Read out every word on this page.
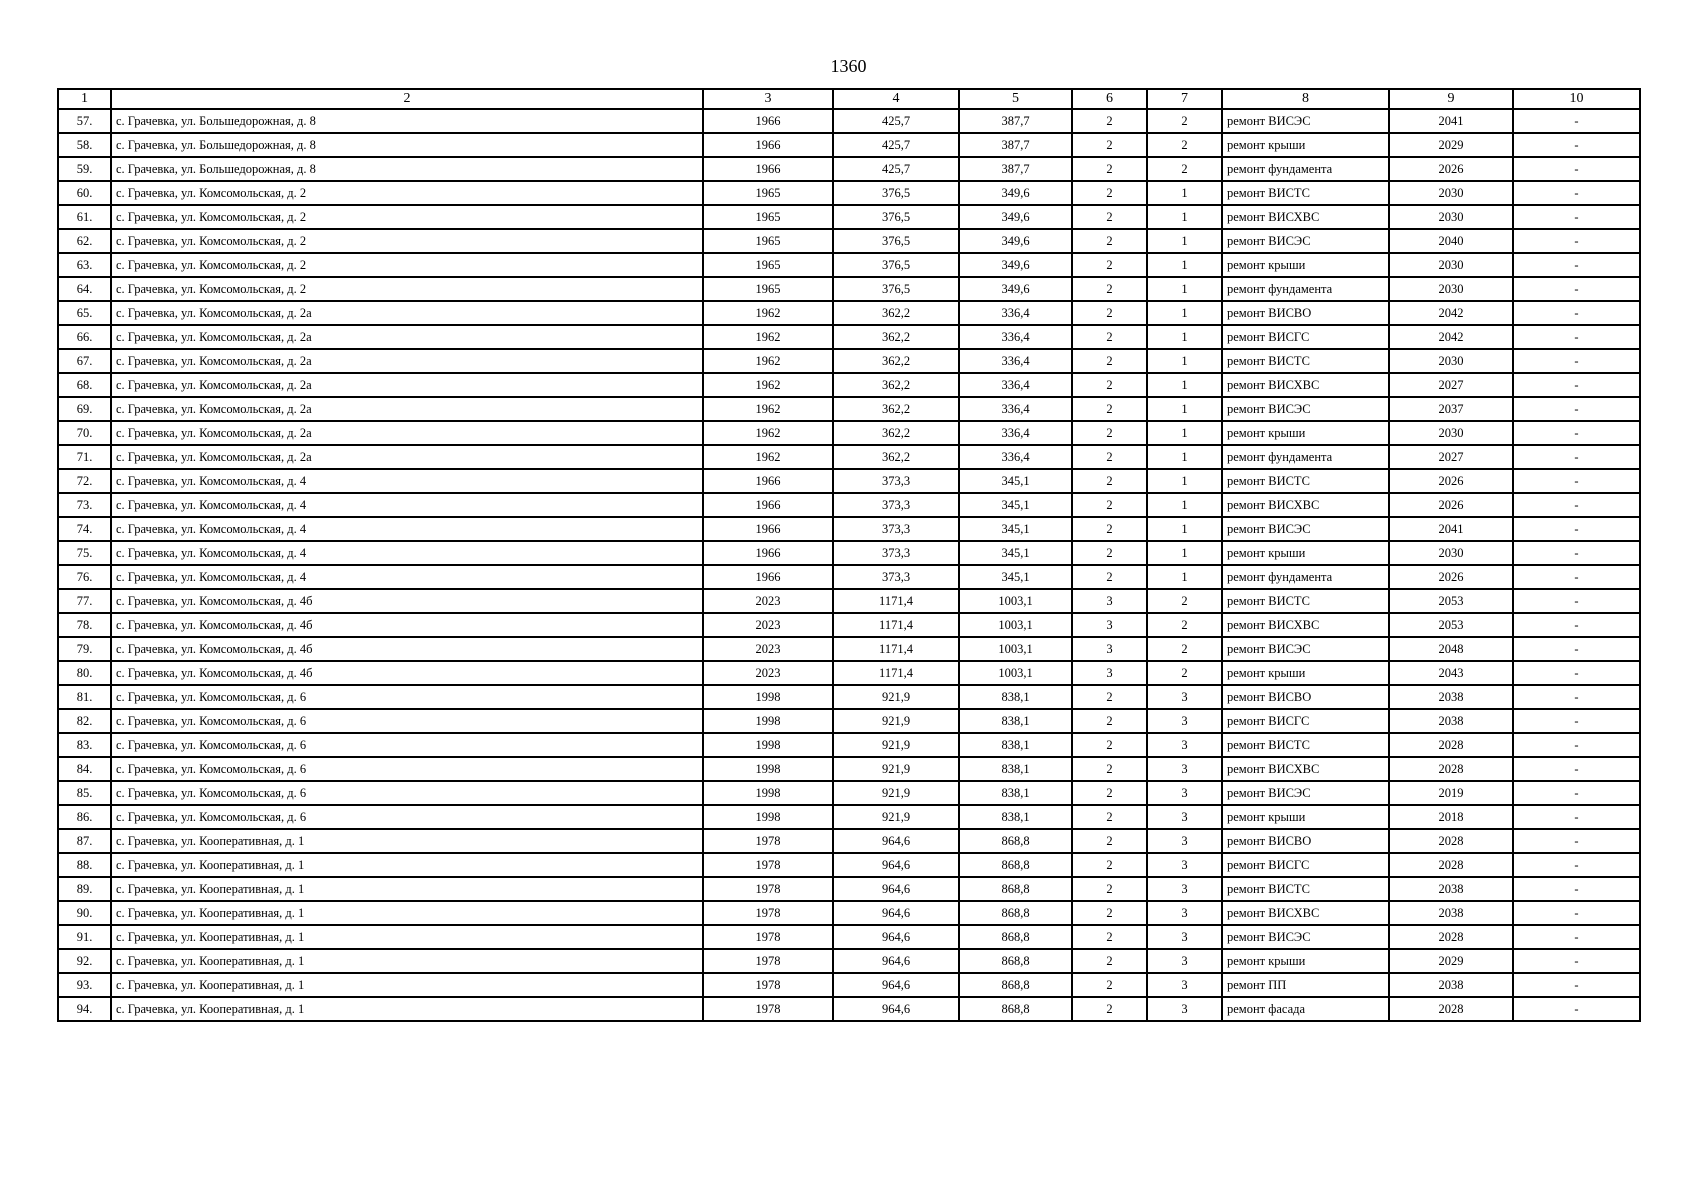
1360
1	2	3	4	5	6	7	8	9	10
57.	с. Грачевка, ул. Большедорожная, д. 8	1966	425,7	387,7	2	2	ремонт ВИСЭС	2041	-
58.	с. Грачевка, ул. Большедорожная, д. 8	1966	425,7	387,7	2	2	ремонт крыши	2029	-
59.	с. Грачевка, ул. Большедорожная, д. 8	1966	425,7	387,7	2	2	ремонт фундамента	2026	-
60.	с. Грачевка, ул. Комсомольская, д. 2	1965	376,5	349,6	2	1	ремонт ВИСТС	2030	-
61.	с. Грачевка, ул. Комсомольская, д. 2	1965	376,5	349,6	2	1	ремонт ВИСХВС	2030	-
62.	с. Грачевка, ул. Комсомольская, д. 2	1965	376,5	349,6	2	1	ремонт ВИСЭС	2040	-
63.	с. Грачевка, ул. Комсомольская, д. 2	1965	376,5	349,6	2	1	ремонт крыши	2030	-
64.	с. Грачевка, ул. Комсомольская, д. 2	1965	376,5	349,6	2	1	ремонт фундамента	2030	-
65.	с. Грачевка, ул. Комсомольская, д. 2а	1962	362,2	336,4	2	1	ремонт ВИСВО	2042	-
66.	с. Грачевка, ул. Комсомольская, д. 2а	1962	362,2	336,4	2	1	ремонт ВИСГС	2042	-
67.	с. Грачевка, ул. Комсомольская, д. 2а	1962	362,2	336,4	2	1	ремонт ВИСТС	2030	-
68.	с. Грачевка, ул. Комсомольская, д. 2а	1962	362,2	336,4	2	1	ремонт ВИСХВС	2027	-
69.	с. Грачевка, ул. Комсомольская, д. 2а	1962	362,2	336,4	2	1	ремонт ВИСЭС	2037	-
70.	с. Грачевка, ул. Комсомольская, д. 2а	1962	362,2	336,4	2	1	ремонт крыши	2030	-
71.	с. Грачевка, ул. Комсомольская, д. 2а	1962	362,2	336,4	2	1	ремонт фундамента	2027	-
72.	с. Грачевка, ул. Комсомольская, д. 4	1966	373,3	345,1	2	1	ремонт ВИСТС	2026	-
73.	с. Грачевка, ул. Комсомольская, д. 4	1966	373,3	345,1	2	1	ремонт ВИСХВС	2026	-
74.	с. Грачевка, ул. Комсомольская, д. 4	1966	373,3	345,1	2	1	ремонт ВИСЭС	2041	-
75.	с. Грачевка, ул. Комсомольская, д. 4	1966	373,3	345,1	2	1	ремонт крыши	2030	-
76.	с. Грачевка, ул. Комсомольская, д. 4	1966	373,3	345,1	2	1	ремонт фундамента	2026	-
77.	с. Грачевка, ул. Комсомольская, д. 4б	2023	1171,4	1003,1	3	2	ремонт ВИСТС	2053	-
78.	с. Грачевка, ул. Комсомольская, д. 4б	2023	1171,4	1003,1	3	2	ремонт ВИСХВС	2053	-
79.	с. Грачевка, ул. Комсомольская, д. 4б	2023	1171,4	1003,1	3	2	ремонт ВИСЭС	2048	-
80.	с. Грачевка, ул. Комсомольская, д. 4б	2023	1171,4	1003,1	3	2	ремонт крыши	2043	-
81.	с. Грачевка, ул. Комсомольская, д. 6	1998	921,9	838,1	2	3	ремонт ВИСВО	2038	-
82.	с. Грачевка, ул. Комсомольская, д. 6	1998	921,9	838,1	2	3	ремонт ВИСГС	2038	-
83.	с. Грачевка, ул. Комсомольская, д. 6	1998	921,9	838,1	2	3	ремонт ВИСТС	2028	-
84.	с. Грачевка, ул. Комсомольская, д. 6	1998	921,9	838,1	2	3	ремонт ВИСХВС	2028	-
85.	с. Грачевка, ул. Комсомольская, д. 6	1998	921,9	838,1	2	3	ремонт ВИСЭС	2019	-
86.	с. Грачевка, ул. Комсомольская, д. 6	1998	921,9	838,1	2	3	ремонт крыши	2018	-
87.	с. Грачевка, ул. Кооперативная, д. 1	1978	964,6	868,8	2	3	ремонт ВИСВО	2028	-
88.	с. Грачевка, ул. Кооперативная, д. 1	1978	964,6	868,8	2	3	ремонт ВИСГС	2028	-
89.	с. Грачевка, ул. Кооперативная, д. 1	1978	964,6	868,8	2	3	ремонт ВИСТС	2038	-
90.	с. Грачевка, ул. Кооперативная, д. 1	1978	964,6	868,8	2	3	ремонт ВИСХВС	2038	-
91.	с. Грачевка, ул. Кооперативная, д. 1	1978	964,6	868,8	2	3	ремонт ВИСЭС	2028	-
92.	с. Грачевка, ул. Кооперативная, д. 1	1978	964,6	868,8	2	3	ремонт крыши	2029	-
93.	с. Грачевка, ул. Кооперативная, д. 1	1978	964,6	868,8	2	3	ремонт ПП	2038	-
94.	с. Грачевка, ул. Кооперативная, д. 1	1978	964,6	868,8	2	3	ремонт фасада	2028	-
